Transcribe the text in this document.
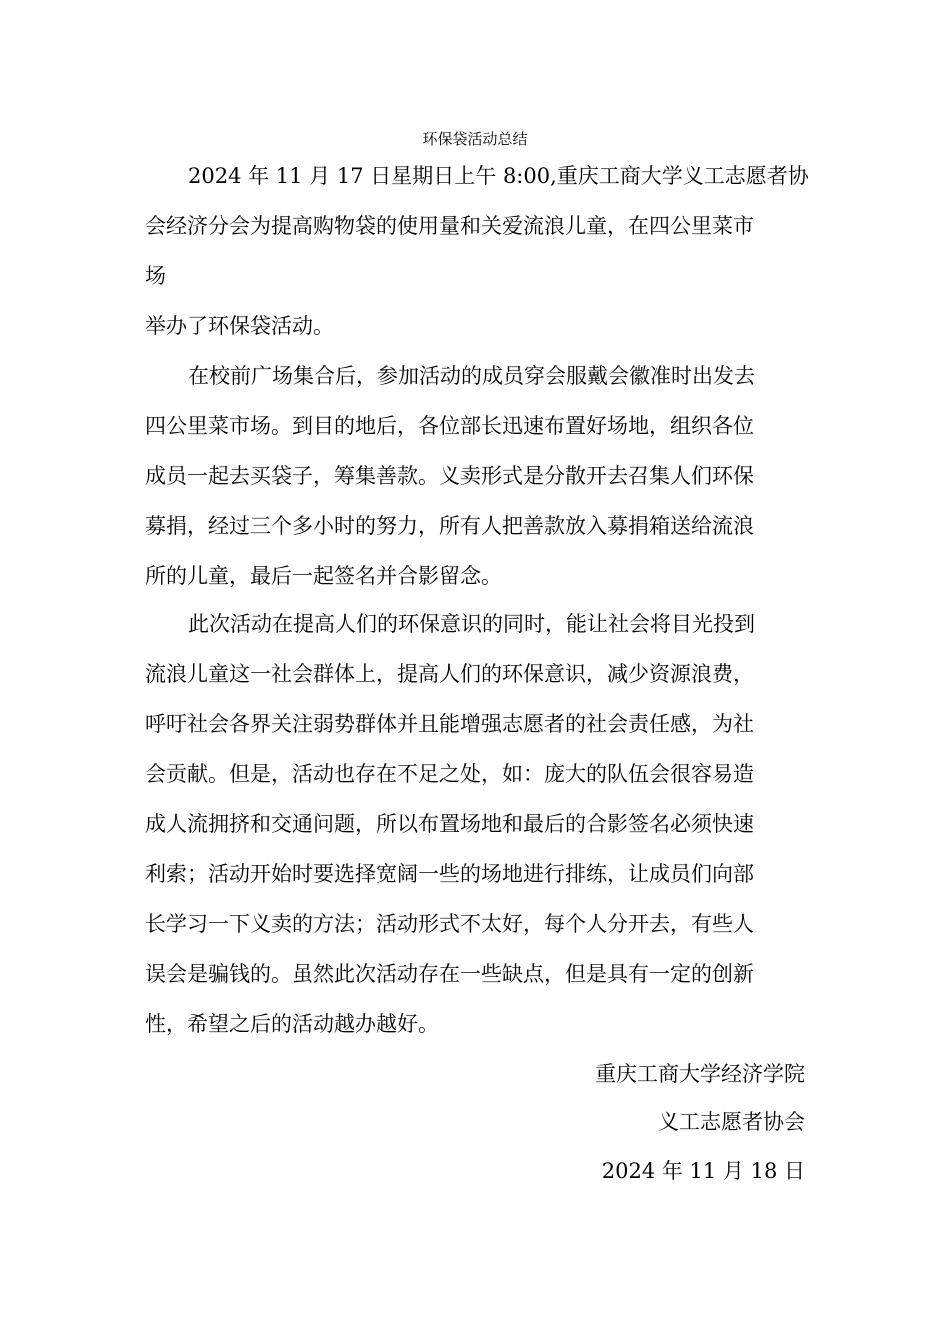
环保袋活动总结
2024 年 11 月 17 日星期日上午 8:00,重庆工商大学义工志愿者协
会经济分会为提高购物袋的使用量和关爱流浪儿童，在四公里菜市
场
举办了环保袋活动。
在校前广场集合后，参加活动的成员穿会服戴会徽准时出发去
四公里菜市场。到目的地后，各位部长迅速布置好场地，组织各位
成员一起去买袋子，筹集善款。义卖形式是分散开去召集人们环保
募捐，经过三个多小时的努力，所有人把善款放入募捐箱送给流浪
所的儿童，最后一起签名并合影留念。
此次活动在提高人们的环保意识的同时，能让社会将目光投到
流浪儿童这一社会群体上，提高人们的环保意识，减少资源浪费，
呼吁社会各界关注弱势群体并且能增强志愿者的社会责任感，为社
会贡献。但是，活动也存在不足之处，如：庞大的队伍会很容易造
成人流拥挤和交通问题，所以布置场地和最后的合影签名必须快速
利索；活动开始时要选择宽阔一些的场地进行排练，让成员们向部
长学习一下义卖的方法；活动形式不太好，每个人分开去，有些人
误会是骗钱的。虽然此次活动存在一些缺点，但是具有一定的创新
性，希望之后的活动越办越好。
重庆工商大学经济学院
义工志愿者协会
2024 年 11 月 18 日
